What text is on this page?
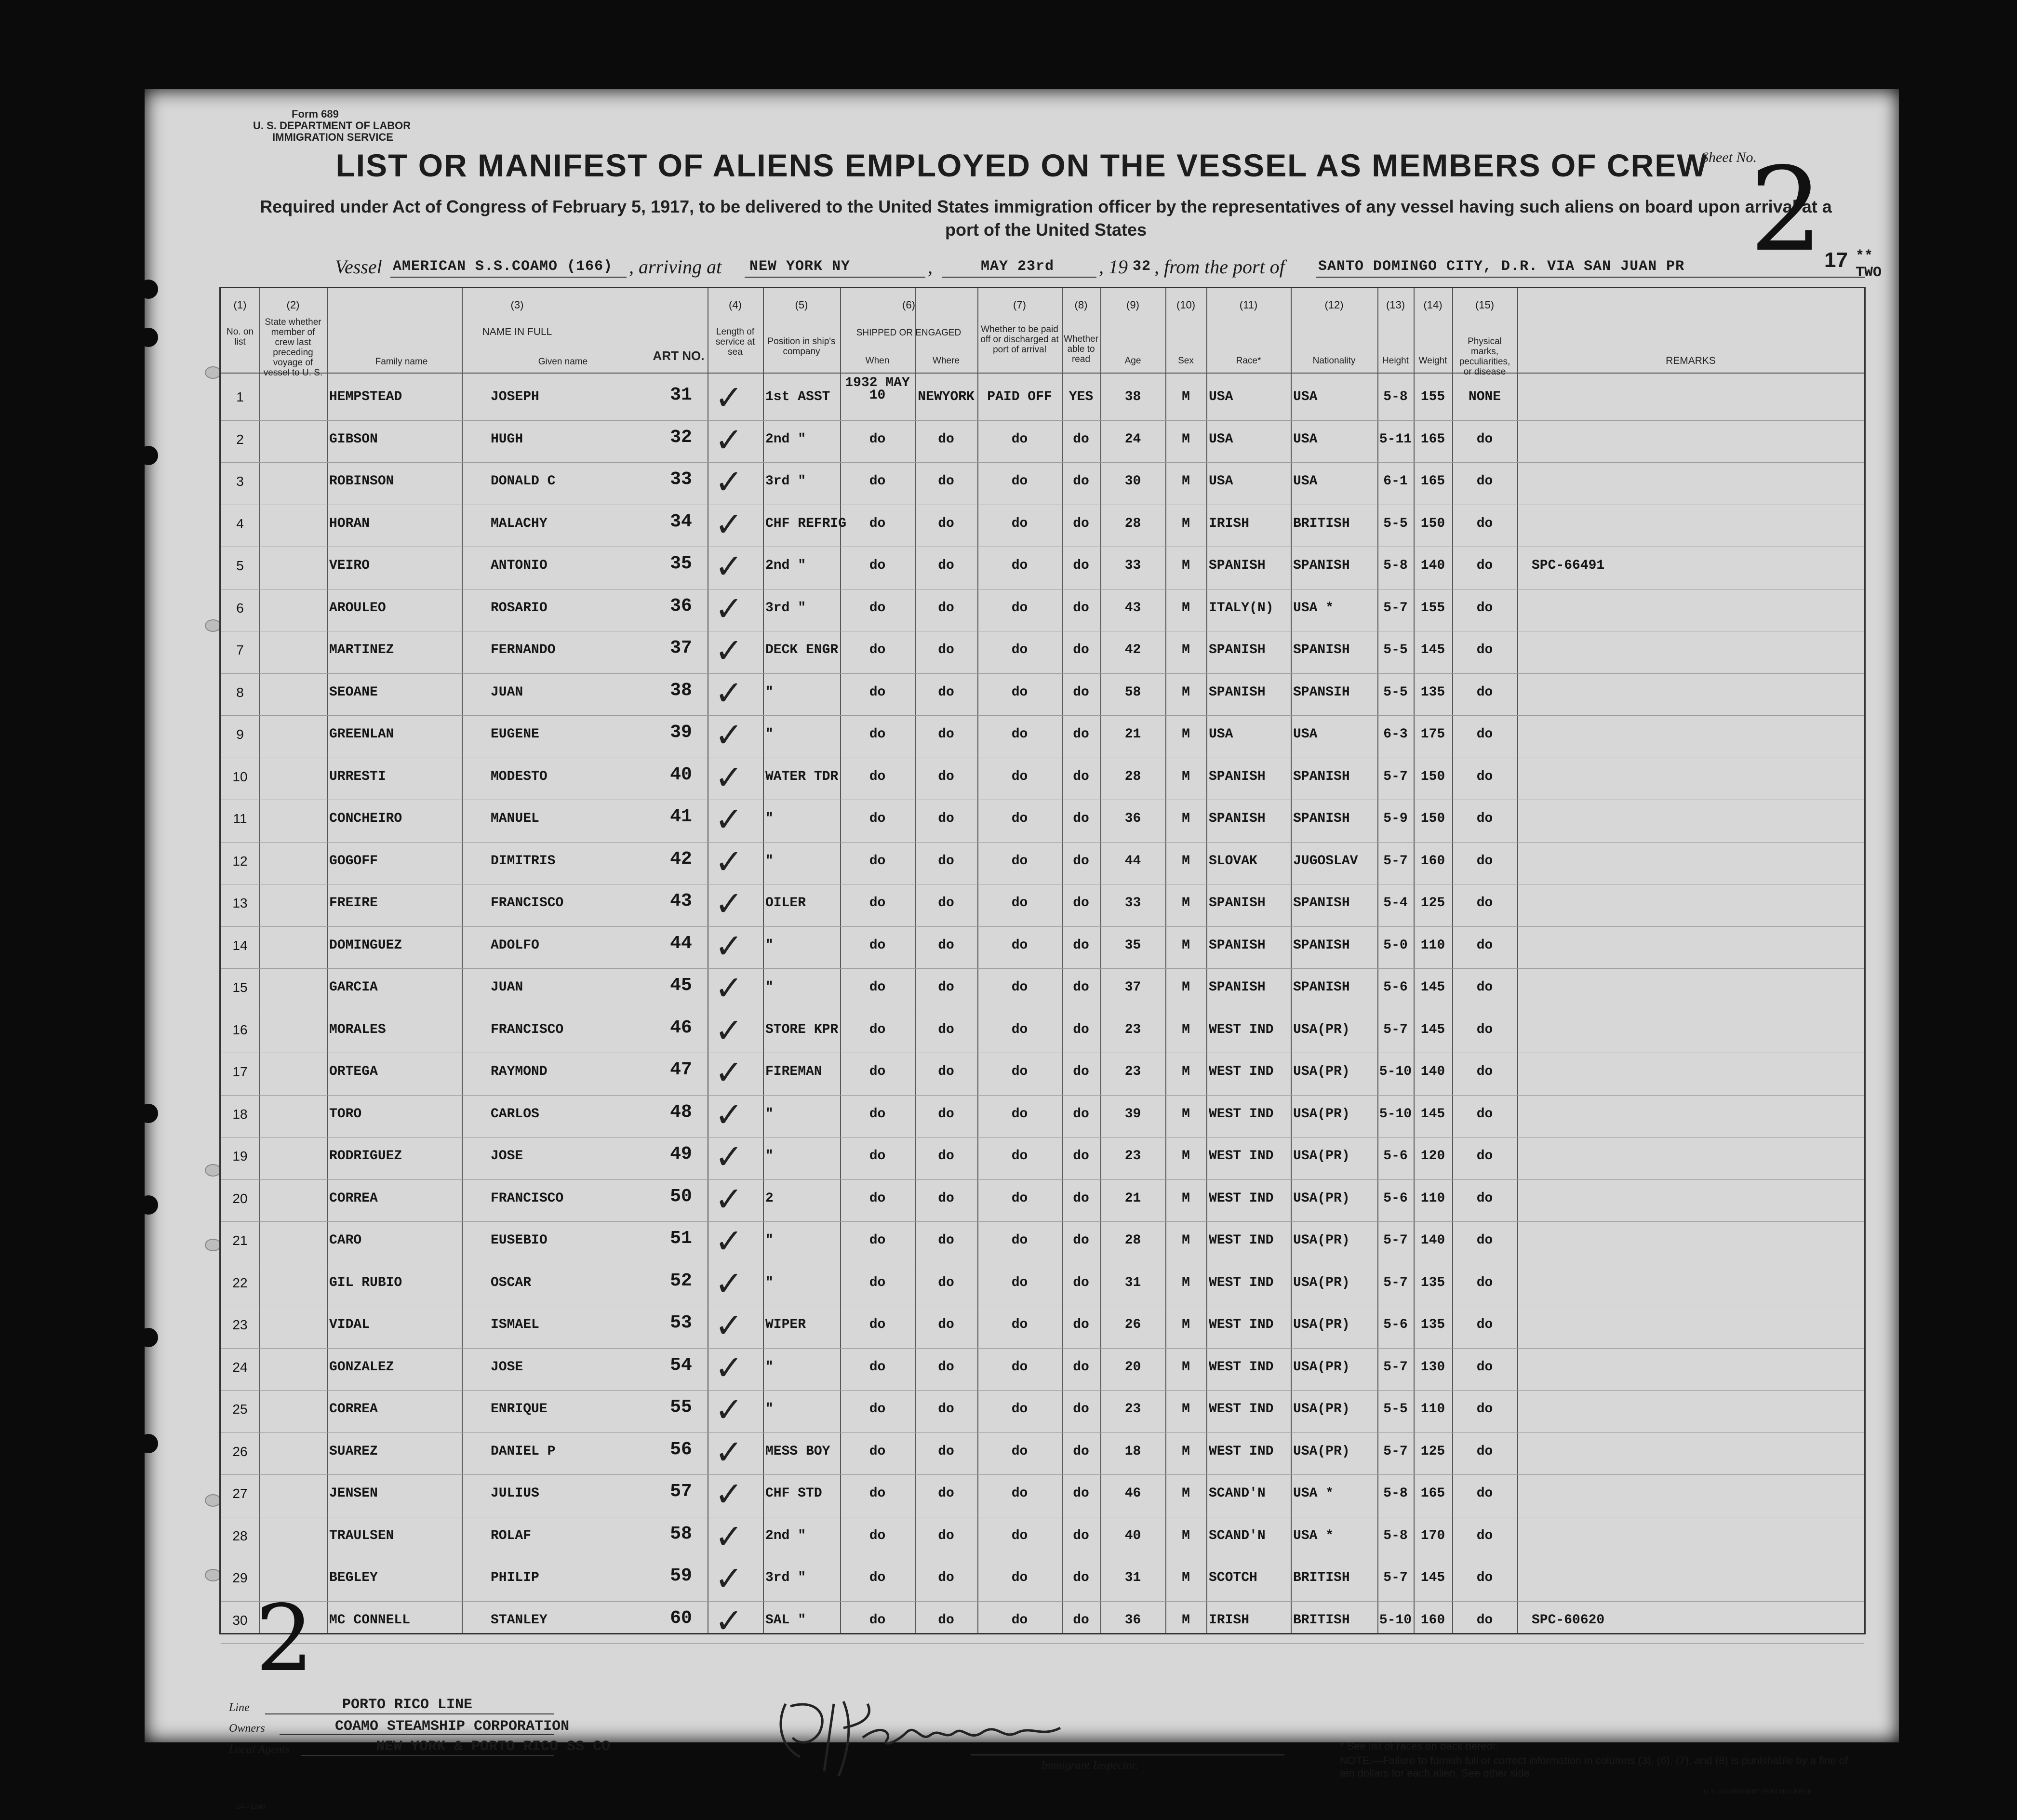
Form 689
U. S. DEPARTMENT OF LABOR
IMMIGRATION SERVICE
LIST OR MANIFEST OF ALIENS EMPLOYED ON THE VESSEL AS MEMBERS OF CREW
Required under Act of Congress of February 5, 1917, to be delivered to the United States immigration officer by the representatives of any vessel having such aliens on board upon arrival at a port of the United States
Sheet No.
2 ** TWO
17
Vessel AMERICAN S.S.COAMO (166) , arriving at NEW YORK NY	,	MAY 23rd , 19 32 , from the port of SANTO DOMINGO CITY, D.R. VIA SAN JUAN PR
(1)	(2)	(3)	(4)	(5)	(6)	(7)	(8)	(9)	(10)	(11)	(12)	(13)	(14)	(15)
No. on list
State whether member of crew last preceding voyage of vessel to U. S.
NAME IN FULL
Family name	Given name	ART NO.
Length of service at sea
Position in ship's company
SHIPPED OR ENGAGED
When	Where
Whether to be paid off or discharged at port of arrival
Whether able to read	Age	Sex	Race*	Nationality	Height	Weight
Physical marks, peculiarities, or disease
REMARKS
1	HEMPSTEAD	JOSEPH	31	1st ASST
1932 MAY 10	NEWYORK PAID OFF	YES	38	M	USA	USA	5-8 155	NONE
✓
2	GIBSON	HUGH	32	2nd "	do	do	do	do	24	M	USA	USA	5-11 165	do
✓
3	ROBINSON	DONALD C	33	3rd "	do	do	do	do	30	M	USA	USA	6-1 165	do
✓
4	HORAN	MALACHY	34	CHF REFRIG	do	do	do	do	28	M	IRISH	BRITISH	5-5 150	do
✓
5	VEIRO	ANTONIO	35	2nd "	do	do	do	do	33	M	SPANISH	SPANISH	5-8 140	do	SPC-66491
✓
6	AROULEO	ROSARIO	36	3rd "	do	do	do	do	43	M	ITALY(N)	USA *	5-7 155	do
✓
7	MARTINEZ	FERNANDO	37	DECK ENGR	do	do	do	do	42	M	SPANISH	SPANISH	5-5 145	do
✓
8	SEOANE	JUAN	38	"	do	do	do	do	58	M	SPANISH	SPANSIH	5-5 135	do
✓
9	GREENLAN	EUGENE	39	"	do	do	do	do	21	M	USA	USA	6-3 175	do
✓
10	URRESTI	MODESTO	40	WATER TDR	do	do	do	do	28	M	SPANISH	SPANISH	5-7 150	do
✓
11	CONCHEIRO	MANUEL	41	"	do	do	do	do	36	M	SPANISH	SPANISH	5-9 150	do
✓
12	GOGOFF	DIMITRIS	42	"	do	do	do	do	44	M	SLOVAK	JUGOSLAV	5-7 160	do
✓
13	FREIRE	FRANCISCO	43	OILER	do	do	do	do	33	M	SPANISH	SPANISH	5-4 125	do
✓
14	DOMINGUEZ	ADOLFO	44	"	do	do	do	do	35	M	SPANISH	SPANISH	5-0 110	do
✓
15	GARCIA	JUAN	45	"	do	do	do	do	37	M	SPANISH	SPANISH	5-6 145	do
✓
16	MORALES	FRANCISCO	46	STORE KPR	do	do	do	do	23	M	WEST IND	USA(PR)	5-7 145	do
✓
17	ORTEGA	RAYMOND	47	FIREMAN	do	do	do	do	23	M	WEST IND	USA(PR)	5-10 140	do
✓
18	TORO	CARLOS	48	"	do	do	do	do	39	M	WEST IND	USA(PR)	5-10 145	do
✓
19	RODRIGUEZ	JOSE	49	"	do	do	do	do	23	M	WEST IND	USA(PR)	5-6 120	do
✓
20	CORREA	FRANCISCO	50	2	do	do	do	do	21	M	WEST IND	USA(PR)	5-6 110	do
✓
21	CARO	EUSEBIO	51	"	do	do	do	do	28	M	WEST IND	USA(PR)	5-7 140	do
✓
22	GIL RUBIO	OSCAR	52	"	do	do	do	do	31	M	WEST IND	USA(PR)	5-7 135	do
✓
23	VIDAL	ISMAEL	53	WIPER	do	do	do	do	26	M	WEST IND	USA(PR)	5-6 135	do
✓
24	GONZALEZ	JOSE	54	"	do	do	do	do	20	M	WEST IND	USA(PR)	5-7 130	do
✓
25	CORREA	ENRIQUE	55	"	do	do	do	do	23	M	WEST IND	USA(PR)	5-5 110	do
✓
26	SUAREZ	DANIEL P	56	MESS BOY	do	do	do	do	18	M	WEST IND	USA(PR)	5-7 125	do
✓
27	JENSEN	JULIUS	57	CHF STD	do	do	do	do	46	M	SCAND'N	USA *	5-8 165	do
✓
28	TRAULSEN	ROLAF	58	2nd "	do	do	do	do	40	M	SCAND'N	USA *	5-8 170	do
✓
29	BEGLEY	PHILIP	59	3rd "	do	do	do	do	31	M	SCOTCH	BRITISH	5-7 145	do
✓
30	MC CONNELL	STANLEY	60	SAL "	do	do	do	do	36	M	IRISH	BRITISH	5-10 160	do	SPC-60620
✓
2
Line	PORTO RICO LINE
Owners	COAMO STEAMSHIP CORPORATION
Local Agents	NEW YORK & PORTO RICO SS CO
Immigrant Inspector.
* See list of races on back hereof.
NOTE.—Failure to furnish full or correct information in columns (3), (6), (7), and (8) is punishable by a fine of ten dollars for each alien. See other side.
U. S. GOVERNMENT PRINTING OFFICE
14—1240
